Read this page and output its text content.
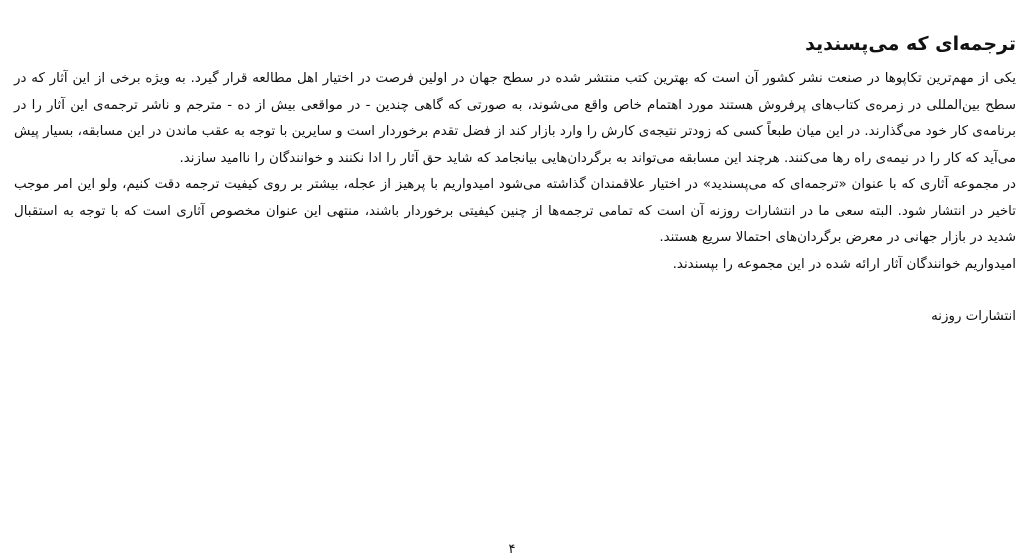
ترجمه‌ای که می‌پسندید

یکی از مهم‌ترین تکاپوها در صنعت نشر کشور آن است که بهترین کتب منتشر شده در سطح جهان در اولین فرصت در اختیار اهل مطالعه قرار گیرد. به ویژه برخی از این آثار که در سطح بین‌المللی در زمره‌ی کتاب‌های پرفروش هستند مورد اهتمام خاص واقع می‌شوند، به صورتی که گاهی چندین - در مواقعی بیش از ده - مترجم و ناشر ترجمه‌ی این آثار را در برنامه‌ی کار خود می‌گذارند. در این میان طبعاً کسی که زودتر نتیجه‌ی کارش را وارد بازار کند از فضل تقدم برخوردار است و سایرین با توجه به عقب ماندن در این مسابقه، بسیار پیش می‌آید که کار را در نیمه‌ی راه رها می‌کنند. هرچند این مسابقه می‌تواند به برگردان‌هایی بیانجامد که شاید حق آثار را ادا نکنند و خوانندگان را ناامید سازند.

در مجموعه آثاری که با عنوان «ترجمه‌ای که می‌پسندید» در اختیار علاقمندان گذاشته می‌شود امیدواریم با پرهیز از عجله، بیشتر بر روی کیفیت ترجمه دقت کنیم، ولو این امر موجب تاخیر در انتشار شود. البته سعی ما در انتشارات روزنه آن است که تمامی ترجمه‌ها از چنین کیفیتی برخوردار باشند، منتهی این عنوان مخصوص آثاری است که با توجه به استقبال شدید در بازار جهانی در معرض برگردان‌های احتمالا سریع هستند.

امیدواریم خوانندگان آثار ارائه شده در این مجموعه را بپسندند.

انتشارات روزنه

۴
